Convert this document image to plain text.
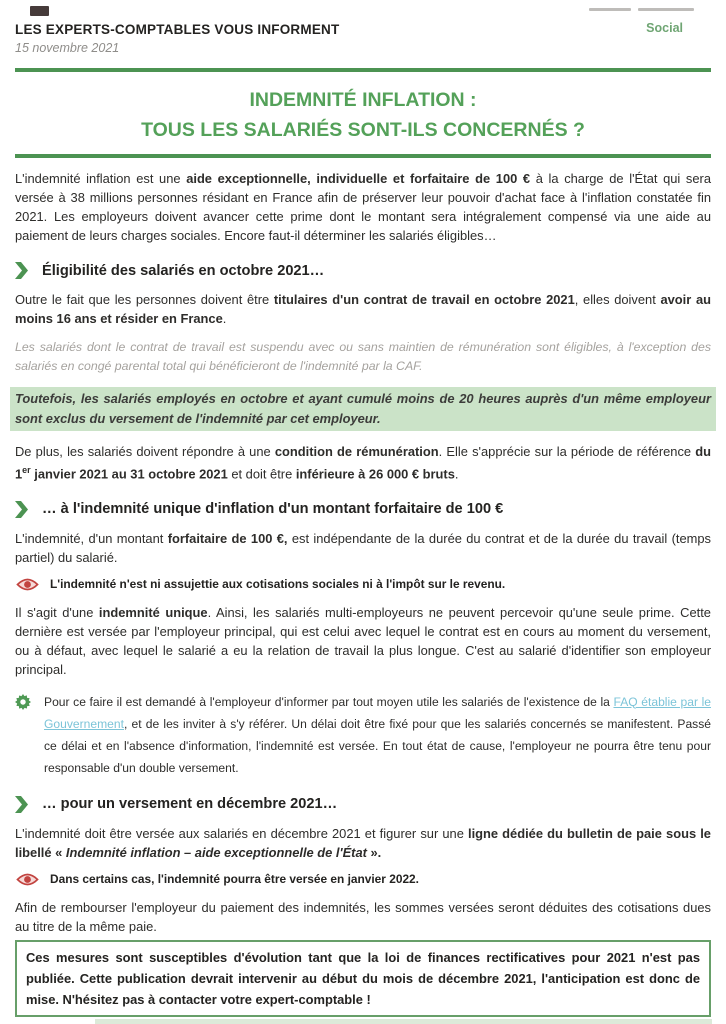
LES EXPERTS-COMPTABLES VOUS INFORMENT
15 novembre 2021
Social
INDEMNITÉ INFLATION :
TOUS LES SALARIÉS SONT-ILS CONCERNÉS ?

L'indemnité inflation est une aide exceptionnelle, individuelle et forfaitaire de 100 € à la charge de l'État qui sera versée à 38 millions personnes résidant en France afin de préserver leur pouvoir d'achat face à l'inflation constatée fin 2021. Les employeurs doivent avancer cette prime dont le montant sera intégralement compensé via une aide au paiement de leurs charges sociales. Encore faut-il déterminer les salariés éligibles…

Éligibilité des salariés en octobre 2021…

Outre le fait que les personnes doivent être titulaires d'un contrat de travail en octobre 2021, elles doivent avoir au moins 16 ans et résider en France.

Les salariés dont le contrat de travail est suspendu avec ou sans maintien de rémunération sont éligibles, à l'exception des salariés en congé parental total qui bénéficieront de l'indemnité par la CAF.

Toutefois, les salariés employés en octobre et ayant cumulé moins de 20 heures auprès d'un même employeur sont exclus du versement de l'indemnité par cet employeur.

De plus, les salariés doivent répondre à une condition de rémunération. Elle s'apprécie sur la période de référence du 1er janvier 2021 au 31 octobre 2021 et doit être inférieure à 26 000 € bruts.

… à l'indemnité unique d'inflation d'un montant forfaitaire de 100 €

L'indemnité, d'un montant forfaitaire de 100 €, est indépendante de la durée du contrat et de la durée du travail (temps partiel) du salarié.

L'indemnité n'est ni assujettie aux cotisations sociales ni à l'impôt sur le revenu.

Il s'agit d'une indemnité unique. Ainsi, les salariés multi-employeurs ne peuvent percevoir qu'une seule prime. Cette dernière est versée par l'employeur principal, qui est celui avec lequel le contrat est en cours au moment du versement, ou à défaut, avec lequel le salarié a eu la relation de travail la plus longue. C'est au salarié d'identifier son employeur principal.

Pour ce faire il est demandé à l'employeur d'informer par tout moyen utile les salariés de l'existence de la FAQ établie par le Gouvernement, et de les inviter à s'y référer. Un délai doit être fixé pour que les salariés concernés se manifestent. Passé ce délai et en l'absence d'information, l'indemnité est versée. En tout état de cause, l'employeur ne pourra être tenu pour responsable d'un double versement.
… pour un versement en décembre 2021…

L'indemnité doit être versée aux salariés en décembre 2021 et figurer sur une ligne dédiée du bulletin de paie sous le libellé « Indemnité inflation – aide exceptionnelle de l'État ».

Dans certains cas, l'indemnité pourra être versée en janvier 2022.

Afin de rembourser l'employeur du paiement des indemnités, les sommes versées seront déduites des cotisations dues au titre de la même paie.

Ces mesures sont susceptibles d'évolution tant que la loi de finances rectificatives pour 2021 n'est pas publiée. Cette publication devrait intervenir au début du mois de décembre 2021, l'anticipation est donc de mise. N'hésitez pas à contacter votre expert-comptable !
